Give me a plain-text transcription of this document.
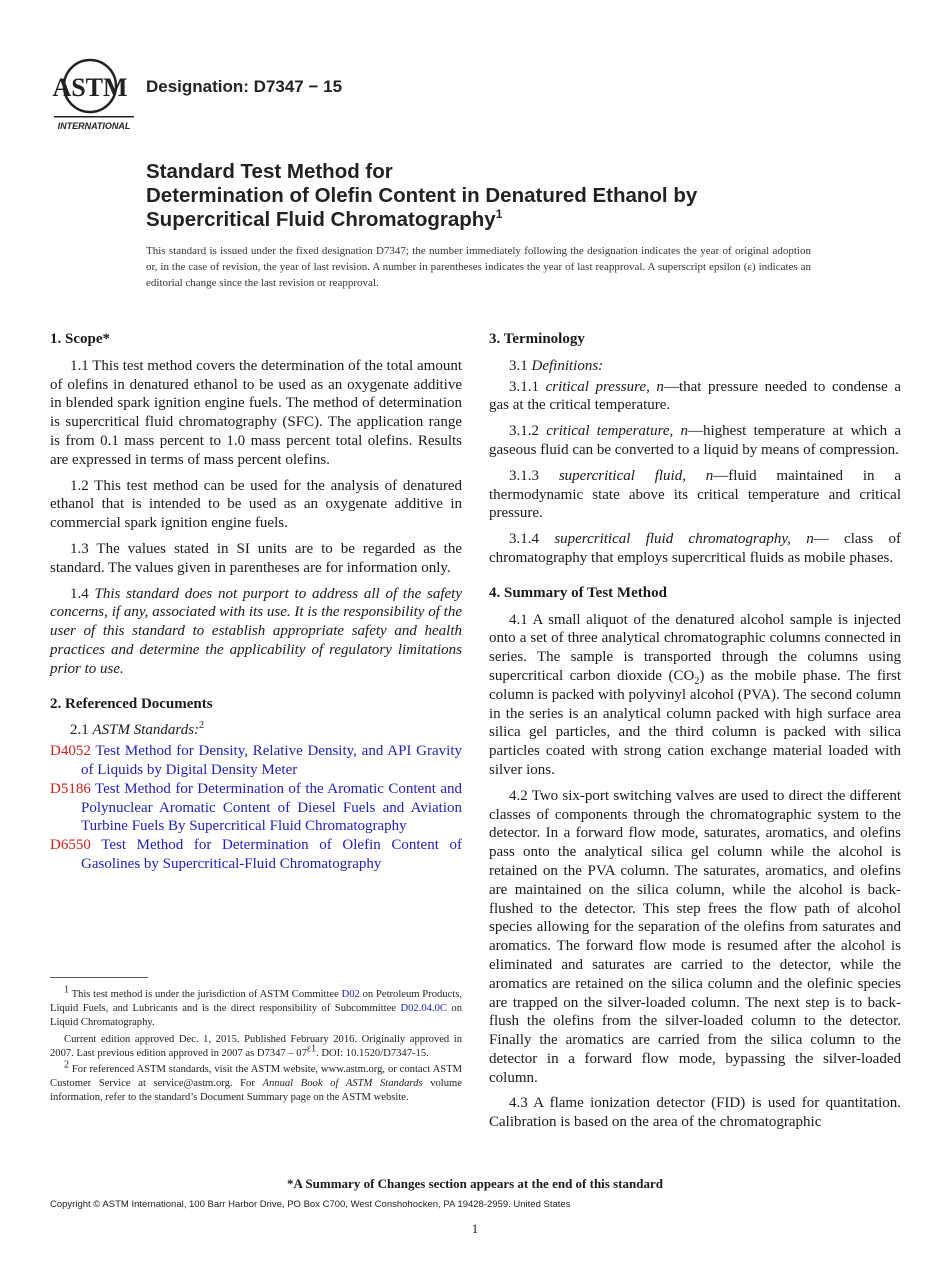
ASTM
INTERNATIONAL
Designation: D7347 − 15
Standard Test Method for
Determination of Olefin Content in Denatured Ethanol by
Supercritical Fluid Chromatography$^1$
This standard is issued under the fixed designation D7347; the number immediately following the designation indicates the year of original adoption or, in the case of revision, the year of last revision. A number in parentheses indicates the year of last reapproval. A superscript epsilon (ε) indicates an editorial change since the last revision or reapproval.
1. Scope*

1.1 This test method covers the determination of the total amount of olefins in denatured ethanol to be used as an oxygenate additive in blended spark ignition engine fuels. The method of determination is supercritical fluid chromatography (SFC). The application range is from 0.1 mass percent to 1.0 mass percent total olefins. Results are expressed in terms of mass percent olefins.

1.2 This test method can be used for the analysis of denatured ethanol that is intended to be used as an oxygenate additive in commercial spark ignition engine fuels.

1.3 The values stated in SI units are to be regarded as the standard. The values given in parentheses are for information only.

1.4 This standard does not purport to address all of the safety concerns, if any, associated with its use. It is the responsibility of the user of this standard to establish appropriate safety and health practices and determine the applicability of regulatory limitations prior to use.

2. Referenced Documents

2.1 ASTM Standards:$^2$

D4052 Test Method for Density, Relative Density, and API Gravity of Liquids by Digital Density Meter
D5186 Test Method for Determination of the Aromatic Content and Polynuclear Aromatic Content of Diesel Fuels and Aviation Turbine Fuels By Supercritical Fluid Chromatography
D6550 Test Method for Determination of Olefin Content of Gasolines by Supercritical-Fluid Chromatography
3. Terminology

3.1 Definitions:

3.1.1 critical pressure, n—that pressure needed to condense a gas at the critical temperature.

3.1.2 critical temperature, n—highest temperature at which a gaseous fluid can be converted to a liquid by means of compression.

3.1.3 supercritical fluid, n—fluid maintained in a thermodynamic state above its critical temperature and critical pressure.

3.1.4 supercritical fluid chromatography, n— class of chromatography that employs supercritical fluids as mobile phases.

4. Summary of Test Method

4.1 A small aliquot of the denatured alcohol sample is injected onto a set of three analytical chromatographic columns connected in series. The sample is transported through the columns using supercritical carbon dioxide $(CO_2)$ as the mobile phase. The first column is packed with polyvinyl alcohol (PVA). The second column in the series is an analytical column packed with high surface area silica gel particles, and the third column is packed with silica particles coated with strong cation exchange material loaded with silver ions.

4.2 Two six-port switching valves are used to direct the different classes of components through the chromatographic system to the detector. In a forward flow mode, saturates, aromatics, and olefins pass onto the analytical silica gel column while the alcohol is retained on the PVA column. The saturates, aromatics, and olefins are maintained on the silica column, while the alcohol is back-flushed to the detector. This step frees the flow path of alcohol species allowing for the separation of the olefins from saturates and aromatics. The forward flow mode is resumed after the alcohol is eliminated and saturates are carried to the detector, while the aromatics are retained on the silica column and the olefinic species are trapped on the silver-loaded column. The next step is to back-flush the olefins from the silver-loaded column to the detector. Finally the aromatics are carried from the silica column to the detector in a forward flow mode, bypassing the silver-loaded column.

4.3 A flame ionization detector (FID) is used for quantitation. Calibration is based on the area of the chromatographic

$^1$ This test method is under the jurisdiction of ASTM Committee D02 on Petroleum Products, Liquid Fuels, and Lubricants and is the direct responsibility of Subcommittee D02.04.0C on Liquid Chromatography.

Current edition approved Dec. 1, 2015. Published February 2016. Originally approved in 2007. Last previous edition approved in 2007 as $D7347 - 07^{\varepsilon 1}$. DOI: 10.1520/D7347-15.

$^2$ For referenced ASTM standards, visit the ASTM website, www.astm.org, or contact ASTM Customer Service at service@astm.org. For Annual Book of ASTM Standards volume information, refer to the standard’s Document Summary page on the ASTM website.

*A Summary of Changes section appears at the end of this standard
Copyright © ASTM International, 100 Barr Harbor Drive, PO Box C700, West Conshohocken, PA 19428-2959. United States
1
